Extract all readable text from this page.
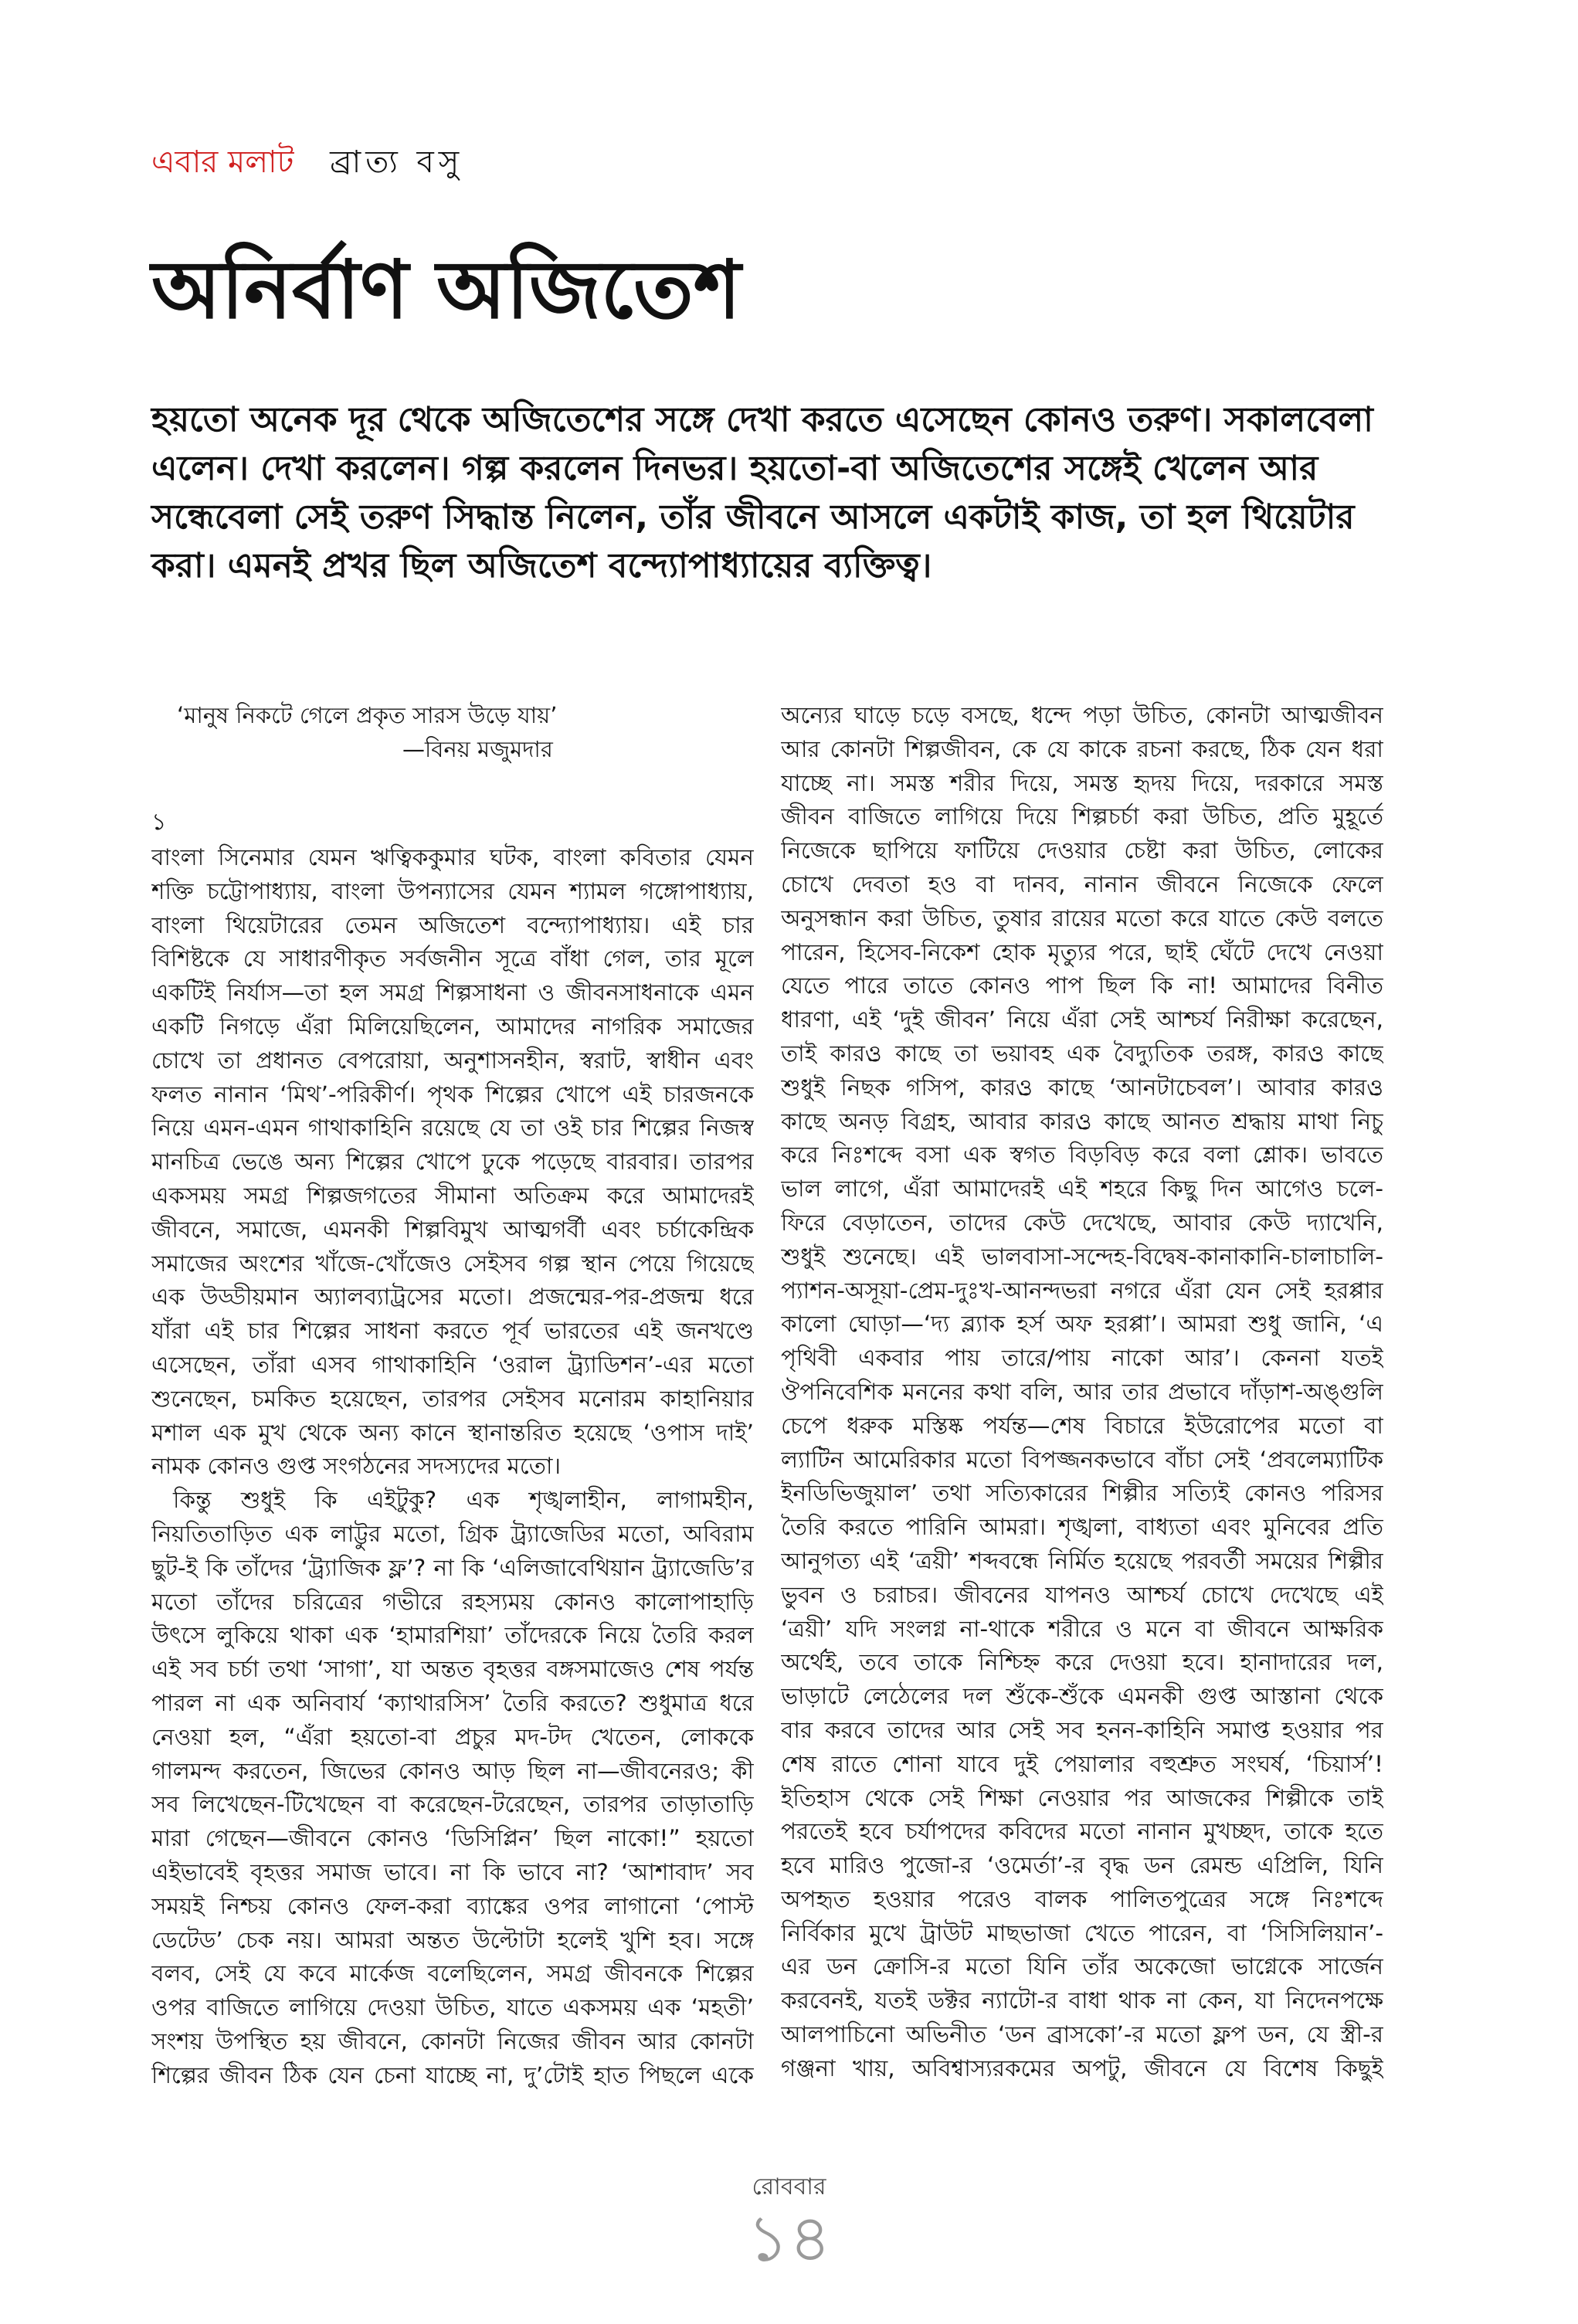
এবার মলাট ব্রাত্য বসু
অনির্বাণ অজিতেশ

হয়তো অনেক দূর থেকে অজিতেশের সঙ্গে দেখা করতে এসেছেন কোনও তরুণ। সকালবেলা এলেন। দেখা করলেন। গল্প করলেন দিনভর। হয়তো-বা অজিতেশের সঙ্গেই খেলেন আর সন্ধেবেলা সেই তরুণ সিদ্ধান্ত নিলেন, তাঁর জীবনে আসলে একটাই কাজ, তা হল থিয়েটার করা। এমনই প্রখর ছিল অজিতেশ বন্দ্যোপাধ্যায়ের ব্যক্তিত্ব।

‘মানুষ নিকটে গেলে প্রকৃত সারস উড়ে যায়’
—বিনয় মজুমদার
১
বাংলা সিনেমার যেমন ঋত্বিককুমার ঘটক, বাংলা কবিতার যেমন
শক্তি চট্টোপাধ্যায়, বাংলা উপন্যাসের যেমন শ্যামল গঙ্গোপাধ্যায়,
বাংলা থিয়েটারের তেমন অজিতেশ বন্দ্যোপাধ্যায়। এই চার
বিশিষ্টকে যে সাধারণীকৃত সর্বজনীন সূত্রে বাঁধা গেল, তার মূলে
একটিই নির্যাস—তা হল সমগ্র শিল্পসাধনা ও জীবনসাধনাকে এমন
একটি নিগড়ে এঁরা মিলিয়েছিলেন, আমাদের নাগরিক সমাজের
চোখে তা প্রধানত বেপরোয়া, অনুশাসনহীন, স্বরাট, স্বাধীন এবং
ফলত নানান ‘মিথ’-পরিকীর্ণ। পৃথক শিল্পের খোপে এই চারজনকে
নিয়ে এমন-এমন গাথাকাহিনি রয়েছে যে তা ওই চার শিল্পের নিজস্ব
মানচিত্র ভেঙে অন্য শিল্পের খোপে ঢুকে পড়েছে বারবার। তারপর
একসময় সমগ্র শিল্পজগতের সীমানা অতিক্রম করে আমাদেরই
জীবনে, সমাজে, এমনকী শিল্পবিমুখ আত্মগর্বী এবং চর্চাকেন্দ্রিক
সমাজের অংশের খাঁজে-খোঁজেও সেইসব গল্প স্থান পেয়ে গিয়েছে
এক উড্ডীয়মান অ্যালব্যাট্রসের মতো। প্রজন্মের-পর-প্রজন্ম ধরে
যাঁরা এই চার শিল্পের সাধনা করতে পূর্ব ভারতের এই জনখণ্ডে
এসেছেন, তাঁরা এসব গাথাকাহিনি ‘ওরাল ট্র্যাডিশন’-এর মতো
শুনেছেন, চমকিত হয়েছেন, তারপর সেইসব মনোরম কাহানিয়ার
মশাল এক মুখ থেকে অন্য কানে স্থানান্তরিত হয়েছে ‘ওপাস দাই’
নামক কোনও গুপ্ত সংগঠনের সদস্যদের মতো।
কিন্তু শুধুই কি এইটুকু? এক শৃঙ্খলাহীন, লাগামহীন,
নিয়তিতাড়িত এক লাট্টুর মতো, গ্রিক ট্র্যাজেডির মতো, অবিরাম
ছুট-ই কি তাঁদের ‘ট্র্যাজিক ফ্ল’? না কি ‘এলিজাবেথিয়ান ট্র্যাজেডি’র
মতো তাঁদের চরিত্রের গভীরে রহস্যময় কোনও কালোপাহাড়ি
উৎসে লুকিয়ে থাকা এক ‘হামারশিয়া’ তাঁদেরকে নিয়ে তৈরি করল
এই সব চর্চা তথা ‘সাগা’, যা অন্তত বৃহত্তর বঙ্গসমাজেও শেষ পর্যন্ত
পারল না এক অনিবার্য ‘ক্যাথারসিস’ তৈরি করতে? শুধুমাত্র ধরে
নেওয়া হল, “এঁরা হয়তো-বা প্রচুর মদ-টদ খেতেন, লোককে
গালমন্দ করতেন, জিভের কোনও আড় ছিল না—জীবনেরও; কী
সব লিখেছেন-টিখেছেন বা করেছেন-টরেছেন, তারপর তাড়াতাড়ি
মারা গেছেন—জীবনে কোনও ‘ডিসিপ্লিন’ ছিল নাকো!” হয়তো
এইভাবেই বৃহত্তর সমাজ ভাবে। না কি ভাবে না? ‘আশাবাদ’ সব
সময়ই নিশ্চয় কোনও ফেল-করা ব্যাঙ্কের ওপর লাগানো ‘পোস্ট
ডেটেড’ চেক নয়। আমরা অন্তত উল্টোটা হলেই খুশি হব। সঙ্গে
বলব, সেই যে কবে মার্কেজ বলেছিলেন, সমগ্র জীবনকে শিল্পের
ওপর বাজিতে লাগিয়ে দেওয়া উচিত, যাতে একসময় এক ‘মহতী’
সংশয় উপস্থিত হয় জীবনে, কোনটা নিজের জীবন আর কোনটা
শিল্পের জীবন ঠিক যেন চেনা যাচ্ছে না, দু’টোই হাত পিছলে একে
অন্যের ঘাড়ে চড়ে বসছে, ধন্দে পড়া উচিত, কোনটা আত্মজীবন
আর কোনটা শিল্পজীবন, কে যে কাকে রচনা করছে, ঠিক যেন ধরা
যাচ্ছে না। সমস্ত শরীর দিয়ে, সমস্ত হৃদয় দিয়ে, দরকারে সমস্ত
জীবন বাজিতে লাগিয়ে দিয়ে শিল্পচর্চা করা উচিত, প্রতি মুহূর্তে
নিজেকে ছাপিয়ে ফাটিয়ে দেওয়ার চেষ্টা করা উচিত, লোকের
চোখে দেবতা হও বা দানব, নানান জীবনে নিজেকে ফেলে
অনুসন্ধান করা উচিত, তুষার রায়ের মতো করে যাতে কেউ বলতে
পারেন, হিসেব-নিকেশ হোক মৃত্যুর পরে, ছাই ঘেঁটে দেখে নেওয়া
যেতে পারে তাতে কোনও পাপ ছিল কি না! আমাদের বিনীত
ধারণা, এই ‘দুই জীবন’ নিয়ে এঁরা সেই আশ্চর্য নিরীক্ষা করেছেন,
তাই কারও্র কাছে তা ভয়াবহ এক বৈদ্যুতিক তরঙ্গ, কারও্র কাছে
শুধুই নিছক গসিপ, কারও্র কাছে ‘আনটাচেবল’। আবার কারও্র
কাছে অনড় বিগ্রহ, আবার কারও্র কাছে আনত শ্রদ্ধায় মাথা নিচু
করে নিঃশব্দে বসা এক স্বগত বিড়বিড় করে বলা শ্লোক। ভাবতে
ভাল লাগে, এঁরা আমাদেরই এই শহরে কিছু দিন আগেও চলে-
ফিরে বেড়াতেন, তাদের কেউ দেখেছে, আবার কেউ দ্যাখেনি,
শুধুই শুনেছে। এই ভালবাসা-সন্দেহ-বিদ্বেষ-কানাকানি-চালাচালি-
প্যাশন-অসূয়া-প্রেম-দুঃখ-আনন্দভরা নগরে এঁরা যেন সেই হরপ্পার
কালো ঘোড়া—‘দ্য ব্ল্যাক হর্স অফ হরপ্পা’। আমরা শুধু জানি, ‘এ
পৃথিবী একবার পায় তারে/পায় নাকো আর’। কেননা যতই
ঔপনিবেশিক মননের কথা বলি, আর তার প্রভাবে দাঁড়াশ-অঙ্গুলি
চেপে ধরুক মস্তিষ্ক পর্যন্ত—শেষ বিচারে ইউরোপের মতো বা
ল্যাটিন আমেরিকার মতো বিপজ্জনকভাবে বাঁচা সেই ‘প্রবলেম্যাটিক
ইনডিভিজুয়াল’ তথা সত্যিকারের শিল্পীর সত্যিই কোনও পরিসর
তৈরি করতে পারিনি আমরা। শৃঙ্খলা, বাধ্যতা এবং মুনিবের প্রতি
আনুগত্য এই ‘ত্রয়ী’ শব্দবন্ধে নির্মিত হয়েছে পরবর্তী সময়ের শিল্পীর
ভুবন ও চরাচর। জীবনের যাপনও আশ্চর্য চোখে দেখেছে এই
‘ত্রয়ী’ যদি সংলগ্ন না-থাকে শরীরে ও মনে বা জীবনে আক্ষরিক
অর্থেই, তবে তাকে নিশ্চিহ্ন করে দেওয়া হবে। হানাদারের দল,
ভাড়াটে লেঠেলের দল শুঁকে-শুঁকে এমনকী গুপ্ত আস্তানা থেকে
বার করবে তাদের আর সেই সব হনন-কাহিনি সমাপ্ত হওয়ার পর
শেষ রাতে শোনা যাবে দুই পেয়ালার বহুশ্রুত সংঘর্ষ, ‘চিয়ার্স’!
ইতিহাস থেকে সেই শিক্ষা নেওয়ার পর আজকের শিল্পীকে তাই
পরতেই হবে চর্যাপদের কবিদের মতো নানান মুখচ্ছদ, তাকে হতে
হবে মারিও পুজো-র ‘ওমের্তা’-র বৃদ্ধ ডন রেমন্ড এপ্রিলি, যিনি
অপহৃত হওয়ার পরেও বালক পালিতপুত্রের সঙ্গে নিঃশব্দে
নির্বিকার মুখে ট্রাউট মাছভাজা খেতে পারেন, বা ‘সিসিলিয়ান’-
এর ডন ক্রোসি-র মতো যিনি তাঁর অকেজো ভাগ্নেকে সার্জেন
করবেনই, যতই ডক্টর ন্যাটো-র বাধা থাক না কেন, যা নিদেনপক্ষে
আলপাচিনো অভিনীত ‘ডন ব্রাসকো’-র মতো ফ্লপ ডন, যে স্ত্রী-র
গঞ্জনা খায়, অবিশ্বাস্যরকমের অপটু, জীবনে যে বিশেষ কিছুই
রোববার
১৪
